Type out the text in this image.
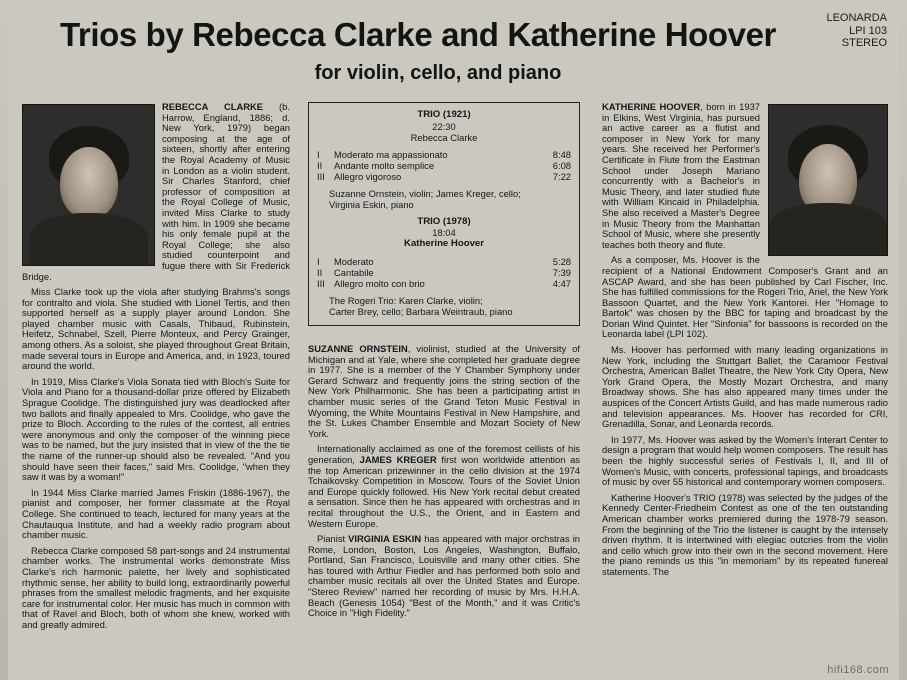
LEONARDA
LPI 103
STEREO
Trios by Rebecca Clarke and Katherine Hoover
for violin, cello, and piano

REBECCA CLARKE (b. Harrow, England, 1886; d. New York, 1979) began composing at the age of sixteen, shortly after entering the Royal Academy of Music in London as a violin student. Sir Charles Stanford, chief professor of composition at the Royal College of Music, invited Miss Clarke to study with him. In 1909 she became his only female pupil at the Royal College; she also studied counterpoint and fugue there with Sir Frederick Bridge.

Miss Clarke took up the viola after studying Brahms's songs for contralto and viola. She studied with Lionel Tertis, and then supported herself as a supply player around London. She played chamber music with Casals, Thibaud, Rubinstein, Heifetz, Schnabel, Szell, Pierre Monteux, and Percy Grainger, among others. As a soloist, she played throughout Great Britain, made several tours in Europe and America, and, in 1923, toured around the world.

In 1919, Miss Clarke's Viola Sonata tied with Bloch's Suite for Viola and Piano for a thousand-dollar prize offered by Elizabeth Sprague Coolidge. The distinguished jury was deadlocked after two ballots and finally appealed to Mrs. Coolidge, who gave the prize to Bloch. According to the rules of the contest, all entries were anonymous and only the composer of the winning piece was to be named, but the jury insisted that in view of the the tie the name of the runner-up should also be revealed. "And you should have seen their faces," said Mrs. Coolidge, "when they saw it was by a woman!"

In 1944 Miss Clarke married James Friskin (1886-1967), the pianist and composer, her former classmate at the Royal College. She continued to teach, lectured for many years at the Chautauqua Institute, and had a weekly radio program about chamber music.

Rebecca Clarke composed 58 part-songs and 24 instrumental chamber works. The instrumental works demonstrate Miss Clarke's rich harmonic palette, her lively and sophisticated rhythmic sense, her ability to build long, extraordinarily powerful phrases from the smallest melodic fragments, and her exquisite care for instrumental color. Her music has much in common with that of Ravel and Bloch, both of whom she knew, worked with and greatly admired.

TRIO (1921)
22:30
Rebecca Clarke
I	Moderato ma appassionato	8:48
II	Andante molto semplice	6:08
III Allegro vigoroso	7:22
Suzanne Ornstein, violin; James Kreger, cello;
Virginia Eskin, piano
TRIO (1978)
18:04
Katherine Hoover
I	Moderato	5:28
II	Cantabile	7:39
III Allegro molto con brio	4:47
The Rogeri Trio: Karen Clarke, violin;
Carter Brey, cello; Barbara Weintraub, piano

SUZANNE ORNSTEIN, violinist, studied at the University of Michigan and at Yale, where she completed her graduate degree in 1977. She is a member of the Y Chamber Symphony under Gerard Schwarz and frequently joins the string section of the New York Philharmonic. She has been a participating artist in chamber music series of the Grand Teton Music Festival in Wyoming, the White Mountains Festival in New Hampshire, and the St. Lukes Chamber Ensemble and Mozart Society of New York.

Internationally acclaimed as one of the foremost cellists of his generation, JAMES KREGER first won worldwide attention as the top American prizewinner in the cello division at the 1974 Tchaikovsky Competition in Moscow. Tours of the Soviet Union and Europe quickly followed. His New York recital debut created a sensation. Since then he has appeared with orchestras and in recital throughout the U.S., the Orient, and in Eastern and Western Europe.

Pianist VIRGINIA ESKIN has appeared with major orchstras in Rome, London, Boston, Los Angeles, Washington, Buffalo, Portland, San Francisco, Louisville and many other cities. She has toured with Arthur Fiedler and has performed both solo and chamber music recitals all over the United States and Europe. "Stereo Review" named her recording of music by Mrs. H.H.A. Beach (Genesis 1054) "Best of the Month," and it was Critic's Choice in "High Fidelity."

KATHERINE HOOVER, born in 1937 in Elkins, West Virginia, has pursued an active career as a flutist and composer in New York for many years. She received her Performer's Certificate in Flute from the Eastman School under Joseph Mariano concurrently with a Bachelor's in Music Theory, and later studied flute with William Kincaid in Philadelphia. She also received a Master's Degree in Music Theory from the Manhattan School of Music, where she presently teaches both theory and flute.

As a composer, Ms. Hoover is the recipient of a National Endowment Composer's Grant and an ASCAP Award, and she has been published by Carl Fischer, Inc. She has fulfilled commissions for the Rogeri Trio, Ariel, the New York Bassoon Quartet, and the New York Kantorei. Her "Homage to Bartok" was chosen by the BBC for taping and broadcast by the Dorian Wind Quintet. Her "Sinfonia" for bassoons is recorded on the Leonarda label (LPI 102).

Ms. Hoover has performed with many leading organizations in New York, including the Stuttgart Ballet, the Caramoor Festival Orchestra, American Ballet Theatre, the New York City Opera, New York Grand Opera, the Mostly Mozart Orchestra, and many Broadway shows. She has also appeared many times under the auspices of the Concert Artists Guild, and has made numerous radio and television appearances. Ms. Hoover has recorded for CRI, Grenadilla, Sonar, and Leonarda records.

In 1977, Ms. Hoover was asked by the Women's Interart Center to design a program that would help women composers. The result has been the highly successful series of Festivals I, II, and III of Women's Music, with concerts, professional tapings, and broadcasts of music by over 55 historical and contemporary women composers.

Katherine Hoover's TRIO (1978) was selected by the judges of the Kennedy Center-Friedheim Contest as one of the ten outstanding American chamber works premiered during the 1978-79 season. From the beginning of the Trio the listener is caught by the intensely driven rhythm. It is intertwined with elegiac outcries from the violin and cello which grow into their own in the second movement. Here the piano reminds us this "in memoriam" by its repeated funereal statements. The

hifi168.com
